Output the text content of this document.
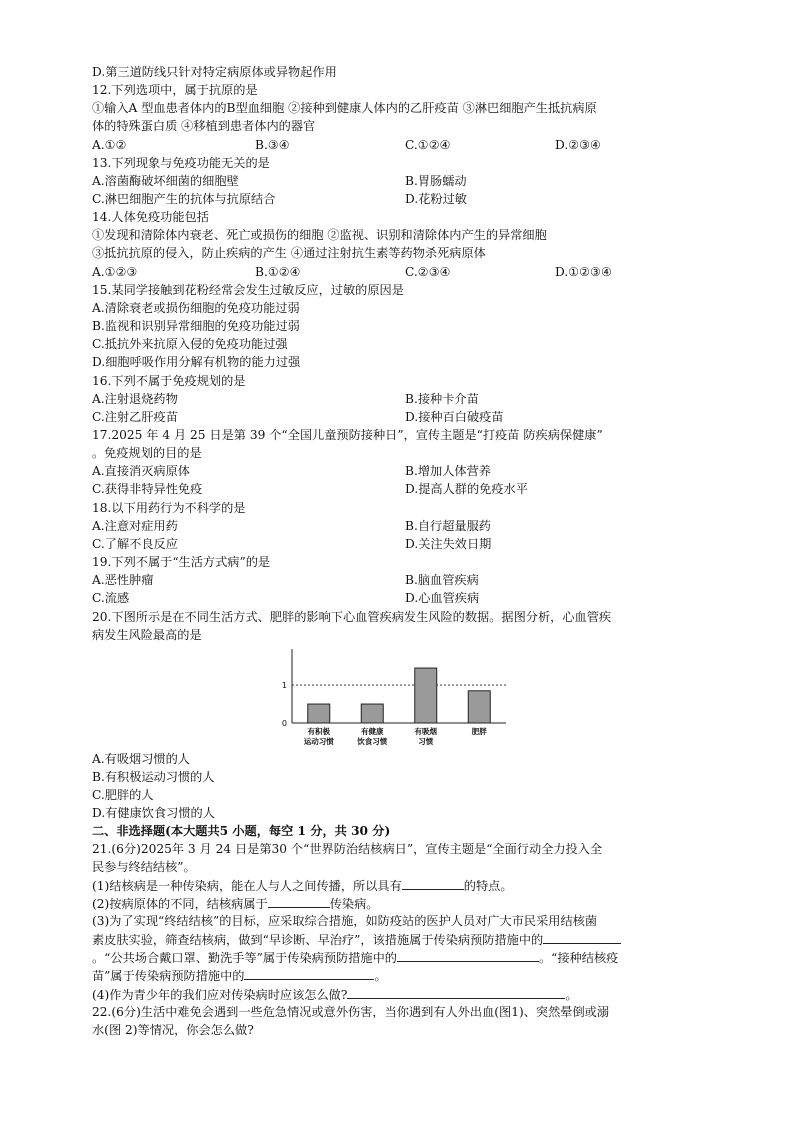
D.第三道防线只针对特定病原体或异物起作用
12.下列选项中，属于抗原的是
①输入A 型血患者体内的B型血细胞 ②接种到健康人体内的乙肝疫苗 ③淋巴细胞产生抵抗病原
体的特殊蛋白质 ④移植到患者体内的器官
A.①②	B.③④	C.①②④	D.②③④
13.下列现象与免疫功能无关的是
A.溶菌酶破坏细菌的细胞壁	B.胃肠蠕动
C.淋巴细胞产生的抗体与抗原结合	D.花粉过敏
14.人体免疫功能包括
①发现和清除体内衰老、死亡或损伤的细胞 ②监视、识别和清除体内产生的异常细胞
③抵抗抗原的侵入，防止疾病的产生 ④通过注射抗生素等药物杀死病原体
A.①②③	B.①②④	C.②③④	D.①②③④
15.某同学接触到花粉经常会发生过敏反应，过敏的原因是
A.清除衰老或损伤细胞的免疫功能过弱
B.监视和识别异常细胞的免疫功能过弱
C.抵抗外来抗原入侵的免疫功能过强
D.细胞呼吸作用分解有机物的能力过强
16.下列不属于免疫规划的是
A.注射退烧药物	B.接种卡介苗
C.注射乙肝疫苗	D.接种百白破疫苗
17.2025 年 4 月 25 日是第 39 个“全国儿童预防接种日”，宣传主题是“打疫苗 防疾病保健康”
。免疫规划的目的是
A.直接消灭病原体	B.增加人体营养
C.获得非特异性免疫	D.提高人群的免疫水平
18.以下用药行为不科学的是
A.注意对症用药	B.自行超量服药
C.了解不良反应	D.关注失效日期
19.下列不属于“生活方式病”的是
A.恶性肿瘤	B.脑血管疾病
C.流感	D.心血管疾病
20.下图所示是在不同生活方式、肥胖的影响下心血管疾病发生风险的数据。据图分析，心血管疾
病发生风险最高的是
1
0
有积极
运动习惯
有健康
饮食习惯
有吸烟
习惯
肥胖
A.有吸烟习惯的人
B.有积极运动习惯的人
C.肥胖的人
D.有健康饮食习惯的人
二、非选择题(本大题共5 小题，每空 1 分，共 30 分)
21.(6分)2025年 3 月 24 日是第30 个“世界防治结核病日”，宣传主题是“全面行动全力投入全
民参与终结结核”。
(1)结核病是一种传染病，能在人与人之间传播，所以具有	的特点。
(2)按病原体的不同，结核病属于	传染病。
(3)为了实现“终结结核”的目标，应采取综合措施，如防疫站的医护人员对广大市民采用结核菌
素皮肤实验，筛查结核病，做到“早诊断、早治疗”，该措施属于传染病预防措施中的
。“公共场合戴口罩、勤洗手等”属于传染病预防措施中的	。“接种结核疫
苗”属于传染病预防措施中的	。
(4)作为青少年的我们应对传染病时应该怎么做?	。
22.(6分)生活中难免会遇到一些危急情况或意外伤害，当你遇到有人外出血(图1)、突然晕倒或溺
水(图 2)等情况，你会怎么做?
